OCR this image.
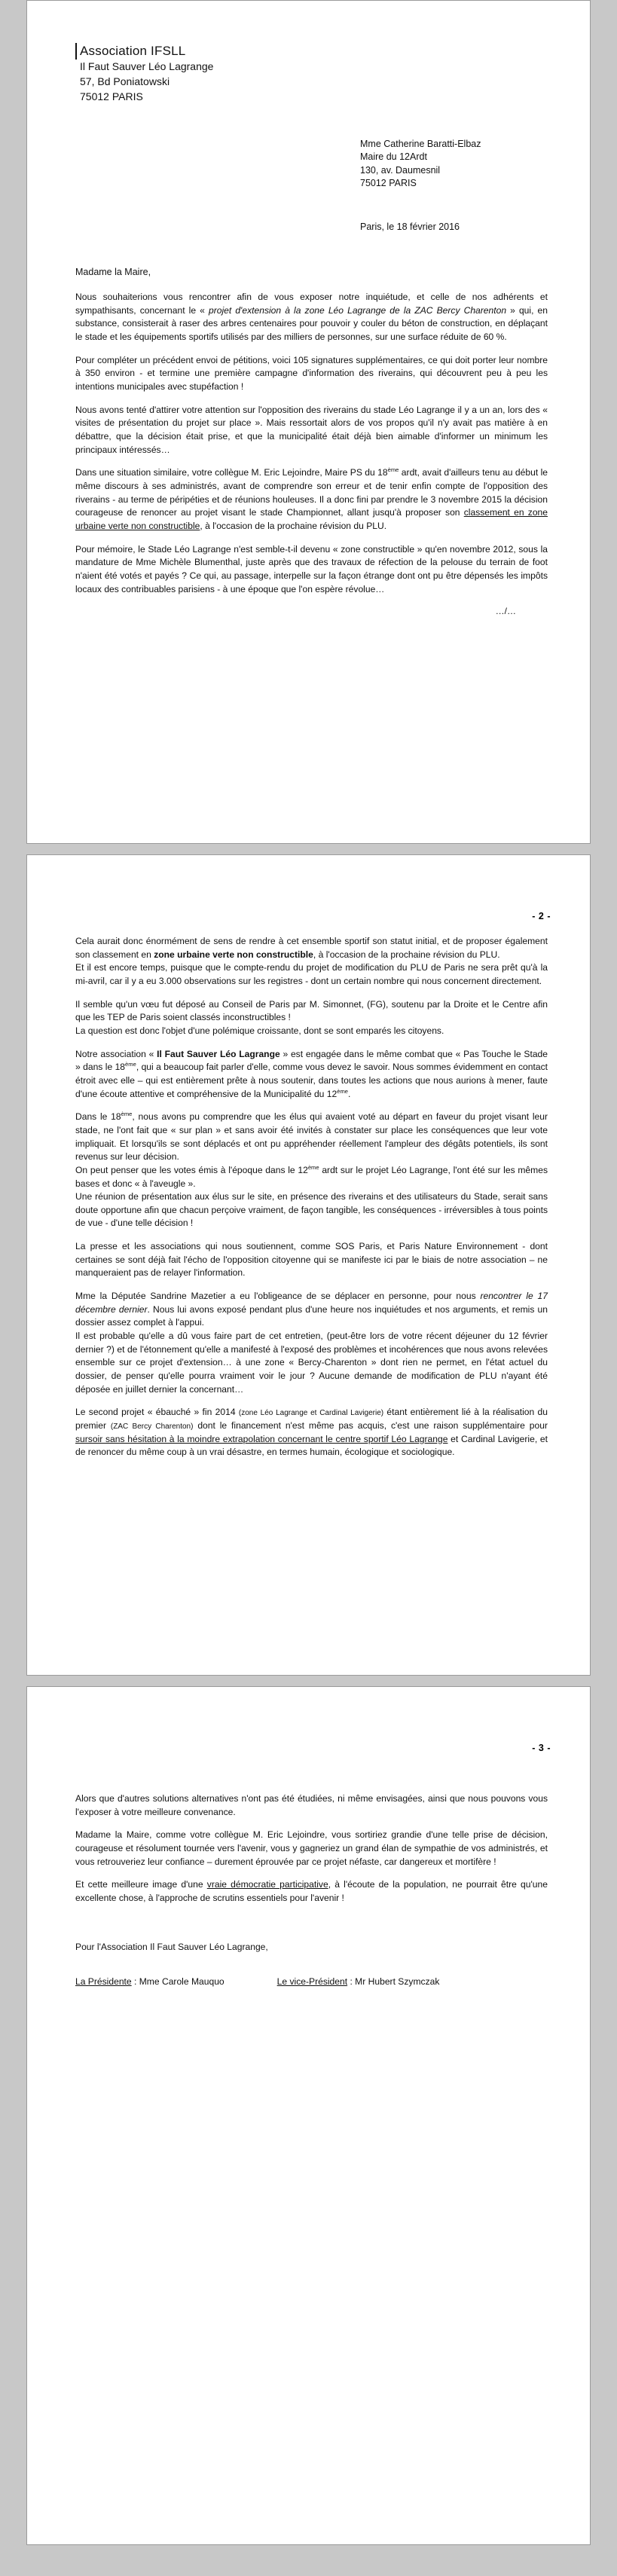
Association IFSLL
Il Faut Sauver Léo Lagrange
57, Bd Poniatowski
75012 PARIS
Mme Catherine Baratti-Elbaz
Maire du 12Ardt
130, av. Daumesnil
75012 PARIS
Paris, le 18 février 2016
Madame la Maire,

Nous souhaiterions vous rencontrer afin de vous exposer notre inquiétude, et celle de nos adhérents et sympathisants, concernant le « projet d'extension à la zone Léo Lagrange de la ZAC Bercy Charenton » qui, en substance, consisterait à raser des arbres centenaires pour pouvoir y couler du béton de construction, en déplaçant le stade et les équipements sportifs utilisés par des milliers de personnes, sur une surface réduite de 60 %.

Pour compléter un précédent envoi de pétitions, voici 105 signatures supplémentaires, ce qui doit porter leur nombre à 350 environ - et termine une première campagne d'information des riverains, qui découvrent peu à peu les intentions municipales avec stupéfaction !

Nous avons tenté d'attirer votre attention sur l'opposition des riverains du stade Léo Lagrange il y a un an, lors des « visites de présentation du projet sur place ». Mais ressortait alors de vos propos qu'il n'y avait pas matière à en débattre, que la décision était prise, et que la municipalité était déjà bien aimable d'informer un minimum les principaux intéressés…

Dans une situation similaire, votre collègue M. Eric Lejoindre, Maire PS du 18ème ardt, avait d'ailleurs tenu au début le même discours à ses administrés, avant de comprendre son erreur et de tenir enfin compte de l'opposition des riverains - au terme de péripéties et de réunions houleuses. Il a donc fini par prendre le 3 novembre 2015 la décision courageuse de renoncer au projet visant le stade Championnet, allant jusqu'à proposer son classement en zone urbaine verte non constructible, à l'occasion de la prochaine révision du PLU.

Pour mémoire, le Stade Léo Lagrange n'est semble-t-il devenu « zone constructible » qu'en novembre 2012, sous la mandature de Mme Michèle Blumenthal, juste après que des travaux de réfection de la pelouse du terrain de foot n'aient été votés et payés ? Ce qui, au passage, interpelle sur la façon étrange dont ont pu être dépensés les impôts locaux des contribuables parisiens - à une époque que l'on espère révolue…

…/…
- 2 -

Cela aurait donc énormément de sens de rendre à cet ensemble sportif son statut initial, et de proposer également son classement en zone urbaine verte non constructible, à l'occasion de la prochaine révision du PLU.
Et il est encore temps, puisque que le compte-rendu du projet de modification du PLU de Paris ne sera prêt qu'à la mi-avril, car il y a eu 3.000 observations sur les registres - dont un certain nombre qui nous concernent directement.

Il semble qu'un vœu fut déposé au Conseil de Paris par M. Simonnet, (FG), soutenu par la Droite et le Centre afin que les TEP de Paris soient classés inconstructibles !
La question est donc l'objet d'une polémique croissante, dont se sont emparés les citoyens.

Notre association « Il Faut Sauver Léo Lagrange » est engagée dans le même combat que « Pas Touche le Stade » dans le 18ème, qui a beaucoup fait parler d'elle, comme vous devez le savoir. Nous sommes évidemment en contact étroit avec elle – qui est entièrement prête à nous soutenir, dans toutes les actions que nous aurions à mener, faute d'une écoute attentive et compréhensive de la Municipalité du 12ème.

Dans le 18ème, nous avons pu comprendre que les élus qui avaient voté au départ en faveur du projet visant leur stade, ne l'ont fait que « sur plan » et sans avoir été invités à constater sur place les conséquences que leur vote impliquait. Et lorsqu'ils se sont déplacés et ont pu appréhender réellement l'ampleur des dégâts potentiels, ils sont revenus sur leur décision.
On peut penser que les votes émis à l'époque dans le 12ème ardt sur le projet Léo Lagrange, l'ont été sur les mêmes bases et donc « à l'aveugle ».
Une réunion de présentation aux élus sur le site, en présence des riverains et des utilisateurs du Stade, serait sans doute opportune afin que chacun perçoive vraiment, de façon tangible, les conséquences - irréversibles à tous points de vue - d'une telle décision !

La presse et les associations qui nous soutiennent, comme SOS Paris, et Paris Nature Environnement - dont certaines se sont déjà fait l'écho de l'opposition citoyenne qui se manifeste ici par le biais de notre association – ne manqueraient pas de relayer l'information.

Mme la Députée Sandrine Mazetier a eu l'obligeance de se déplacer en personne, pour nous rencontrer le 17 décembre dernier. Nous lui avons exposé pendant plus d'une heure nos inquiétudes et nos arguments, et remis un dossier assez complet à l'appui.
Il est probable qu'elle a dû vous faire part de cet entretien, (peut-être lors de votre récent déjeuner du 12 février dernier ?) et de l'étonnement qu'elle a manifesté à l'exposé des problèmes et incohérences que nous avons relevées ensemble sur ce projet d'extension… à une zone « Bercy-Charenton » dont rien ne permet, en l'état actuel du dossier, de penser qu'elle pourra vraiment voir le jour ? Aucune demande de modification de PLU n'ayant été déposée en juillet dernier la concernant…

Le second projet « ébauché » fin 2014 (zone Léo Lagrange et Cardinal Lavigerie) étant entièrement lié à la réalisation du premier (ZAC Bercy Charenton) dont le financement n'est même pas acquis, c'est une raison supplémentaire pour sursoir sans hésitation à la moindre extrapolation concernant le centre sportif Léo Lagrange et Cardinal Lavigerie, et de renoncer du même coup à un vrai désastre, en termes humain, écologique et sociologique.

- 3 -

Alors que d'autres solutions alternatives n'ont pas été étudiées, ni même envisagées, ainsi que nous pouvons vous l'exposer à votre meilleure convenance.

Madame la Maire, comme votre collègue M. Eric Lejoindre, vous sortiriez grandie d'une telle prise de décision, courageuse et résolument tournée vers l'avenir, vous y gagneriez un grand élan de sympathie de vos administrés, et vous retrouveriez leur confiance – durement éprouvée par ce projet néfaste, car dangereux et mortifère !

Et cette meilleure image d'une vraie démocratie participative, à l'écoute de la population, ne pourrait être qu'une excellente chose, à l'approche de scrutins essentiels pour l'avenir !

Pour l'Association Il Faut Sauver Léo Lagrange,

La Présidente : Mme Carole Mauquo	Le vice-Président : Mr Hubert Szymczak
